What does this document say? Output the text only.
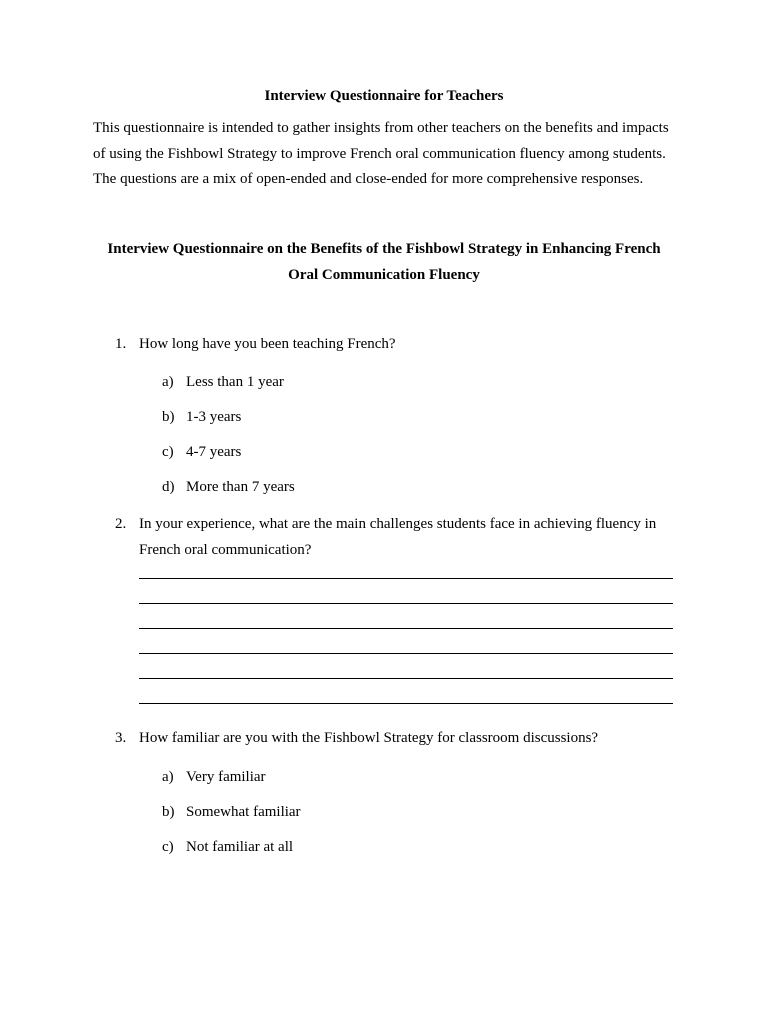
Interview Questionnaire for Teachers

This questionnaire is intended to gather insights from other teachers on the benefits and impacts of using the Fishbowl Strategy to improve French oral communication fluency among students. The questions are a mix of open-ended and close-ended for more comprehensive responses.

Interview Questionnaire on the Benefits of the Fishbowl Strategy in Enhancing French
Oral Communication Fluency
1. How long have you been teaching French?
a) Less than 1 year
b) 1-3 years
c) 4-7 years
d) More than 7 years
2. In your experience, what are the main challenges students face in achieving fluency in French oral communication?
3. How familiar are you with the Fishbowl Strategy for classroom discussions?
a) Very familiar
b) Somewhat familiar
c) Not familiar at all
